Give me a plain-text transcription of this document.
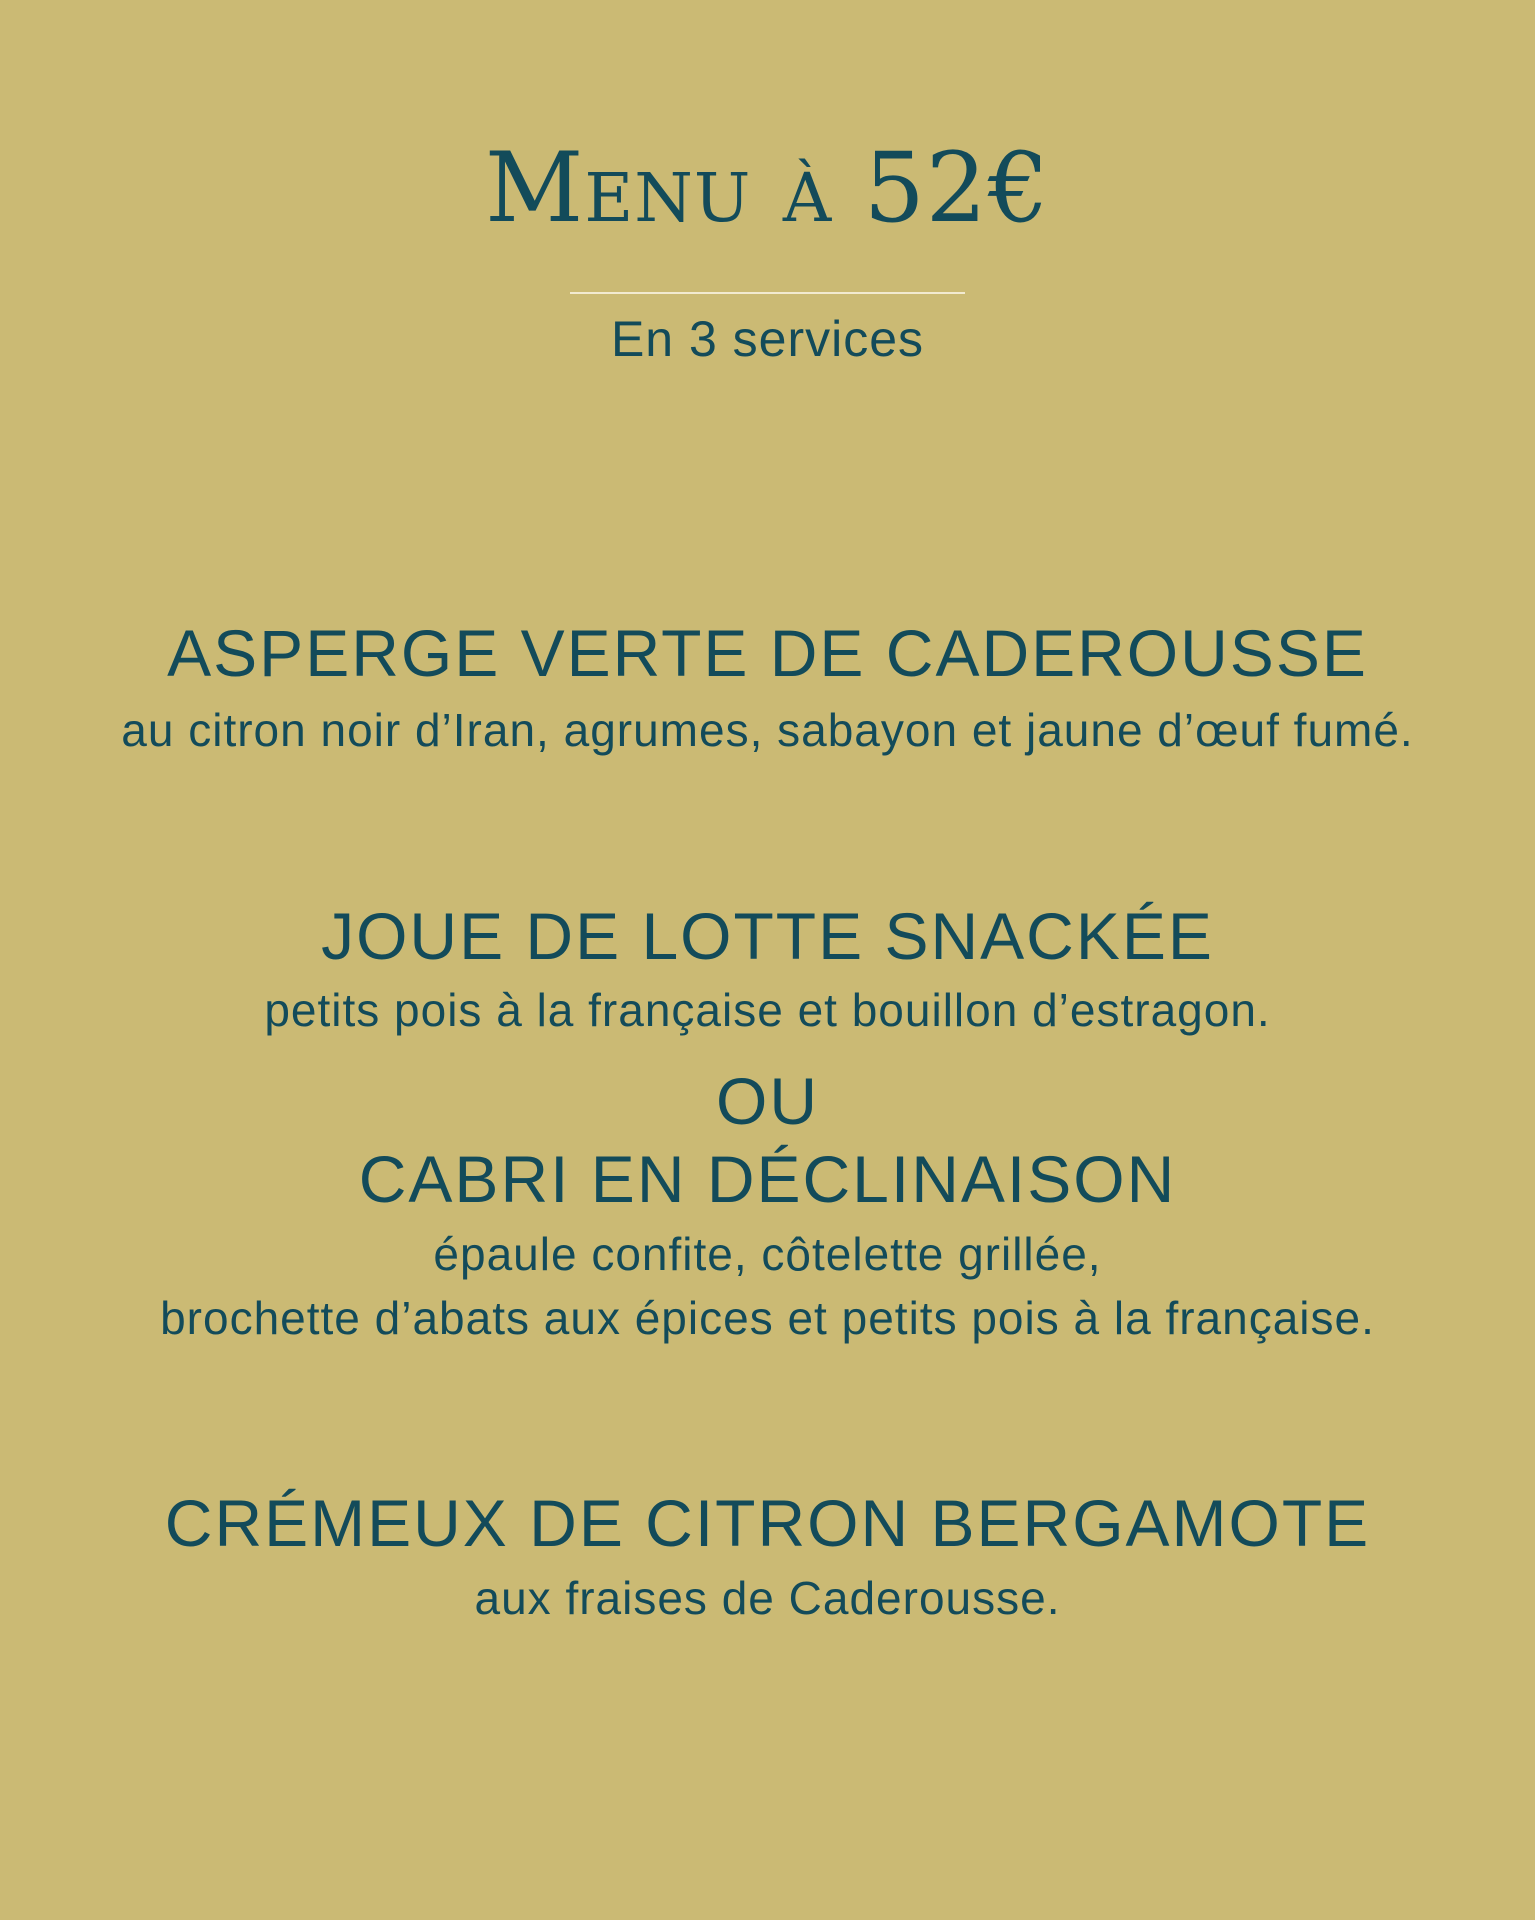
Menu à 52€
En 3 services
ASPERGE VERTE DE CADEROUSSE
au citron noir d’Iran, agrumes, sabayon et jaune d’œuf fumé.
JOUE DE LOTTE SNACKÉE
petits pois à la française et bouillon d’estragon.
OU
CABRI EN DÉCLINAISON
épaule confite, côtelette grillée,
brochette d’abats aux épices et petits pois à la française.
CRÉMEUX DE CITRON BERGAMOTE
aux fraises de Caderousse.
